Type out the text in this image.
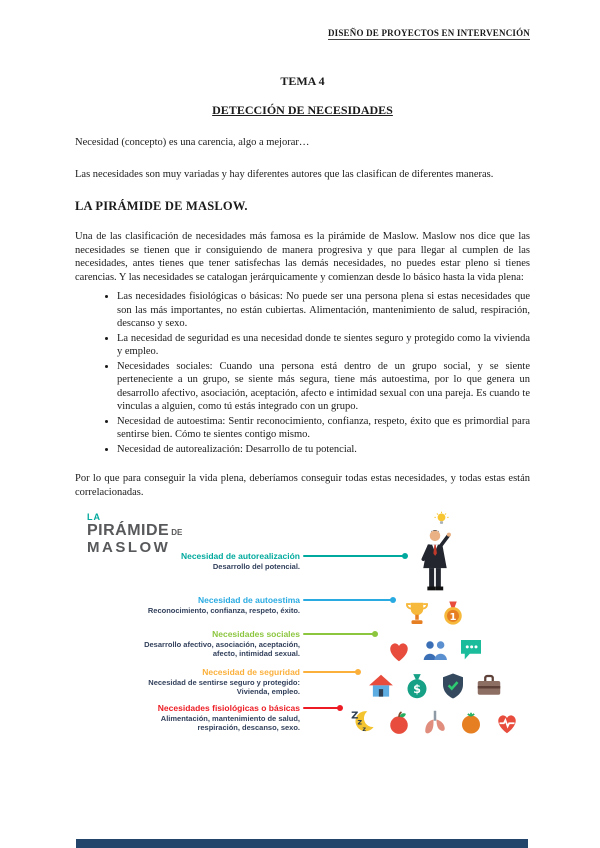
DISEÑO DE PROYECTOS EN INTERVENCIÓN
TEMA 4
DETECCIÓN DE NECESIDADES

Necesidad (concepto) es una carencia, algo a mejorar…

Las necesidades son muy variadas y hay diferentes autores que las clasifican de diferentes maneras.

LA PIRÁMIDE DE MASLOW.

Una de las clasificación de necesidades más famosa es la pirámide de Maslow. Maslow nos dice que las necesidades se tienen que ir consiguiendo de manera progresiva y que para llegar al cumplen de las necesidades, antes tienes que tener satisfechas las demás necesidades, no puedes estar pleno si tienes carencias. Y las necesidades se catalogan jerárquicamente y comienzan desde lo básico hasta la vida plena:

• Las necesidades fisiológicas o básicas: No puede ser una persona plena si estas necesidades que son las más importantes, no están cubiertas. Alimentación, mantenimiento de salud, respiración, descanso y sexo.
• La necesidad de seguridad es una necesidad donde te sientes seguro y protegido como la vivienda y empleo.
• Necesidades sociales: Cuando una persona está dentro de un grupo social, y se siente perteneciente a un grupo, se siente más segura, tiene más autoestima, por lo que genera un desarrollo afectivo, asociación, aceptación, afecto e intimidad sexual con una pareja. Es cuando te vinculas a alguien, como tú estás integrado con un grupo.
• Necesidad de autoestima: Sentir reconocimiento, confianza, respeto, éxito que es primordial para sentirse bien. Cómo te sientes contigo mismo.
• Necesidad de autorealización: Desarrollo de tu potencial.

Por lo que para conseguir la vida plena, deberíamos conseguir todas estas necesidades, y todas estas están correlacionadas.

LA
PIRÁMIDE DE
MASLOW	Necesidad de autorealización
Desarrollo del potencial.
Necesidad de autoestima
Reconocimiento, confianza, respeto, éxito.
Necesidades sociales
Desarrollo afectivo, asociación, aceptación, afecto, intimidad sexual.
Necesidad de seguridad
Necesidad de sentirse seguro y protegido: Vivienda, empleo.
Necesidades fisiológicas o básicas
Alimentación, mantenimiento de salud, respiración, descanso, sexo.
1
$
Z
z
z
